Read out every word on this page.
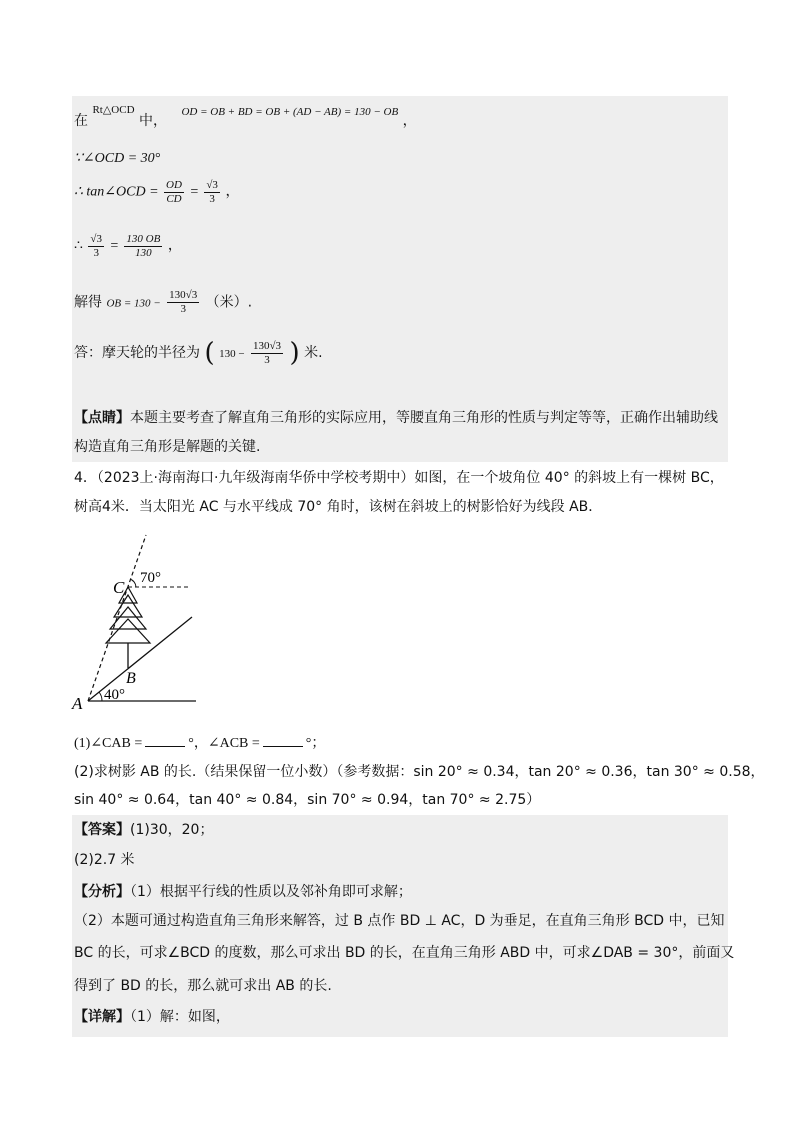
在 Rt△OCD 中， OD = OB + BD = OB + (AD − AB) = 130 − OB ，
∵∠OCD = 30°
∴ tan∠OCD = $\frac{OD}{CD} = \frac{√3}{3}$ ，
∴ $\frac{√3}{3} = \frac{130 OB}{130}$ ，
解得 OB = $130 - \frac{130√3}{3}$ （米）.
答：摩天轮的半径为 ( $130 - \frac{130√3}{3}$ ) 米.
【点睛】本题主要考查了解直角三角形的实际应用，等腰直角三角形的性质与判定等等，正确作出辅助线
构造直角三角形是解题的关键.
4．（2023上·海南海口·九年级海南华侨中学校考期中）如图，在一个坡角位 40° 的斜坡上有一棵树 BC，
树高4米．当太阳光 AC 与水平线成 70° 角时，该树在斜坡上的树影恰好为线段 AB．
C
B
A
70°
40°
(1)∠CAB =	°，∠ACB =	°；
(2)求树影 AB 的长.（结果保留一位小数）（参考数据：sin 20° ≈ 0.34，tan 20° ≈ 0.36，tan 30° ≈ 0.58，
sin 40° ≈ 0.64，tan 40° ≈ 0.84，sin 70° ≈ 0.94，tan 70° ≈ 2.75）
【答案】(1)30，20；
(2)2.7 米
【分析】（1）根据平行线的性质以及邻补角即可求解；
（2）本题可通过构造直角三角形来解答，过 B 点作 BD ⊥ AC，D 为垂足，在直角三角形 BCD 中，已知
BC 的长，可求∠BCD 的度数，那么可求出 BD 的长，在直角三角形 ABD 中，可求∠DAB = 30°，前面又
得到了 BD 的长，那么就可求出 AB 的长.
【详解】（1）解：如图，
